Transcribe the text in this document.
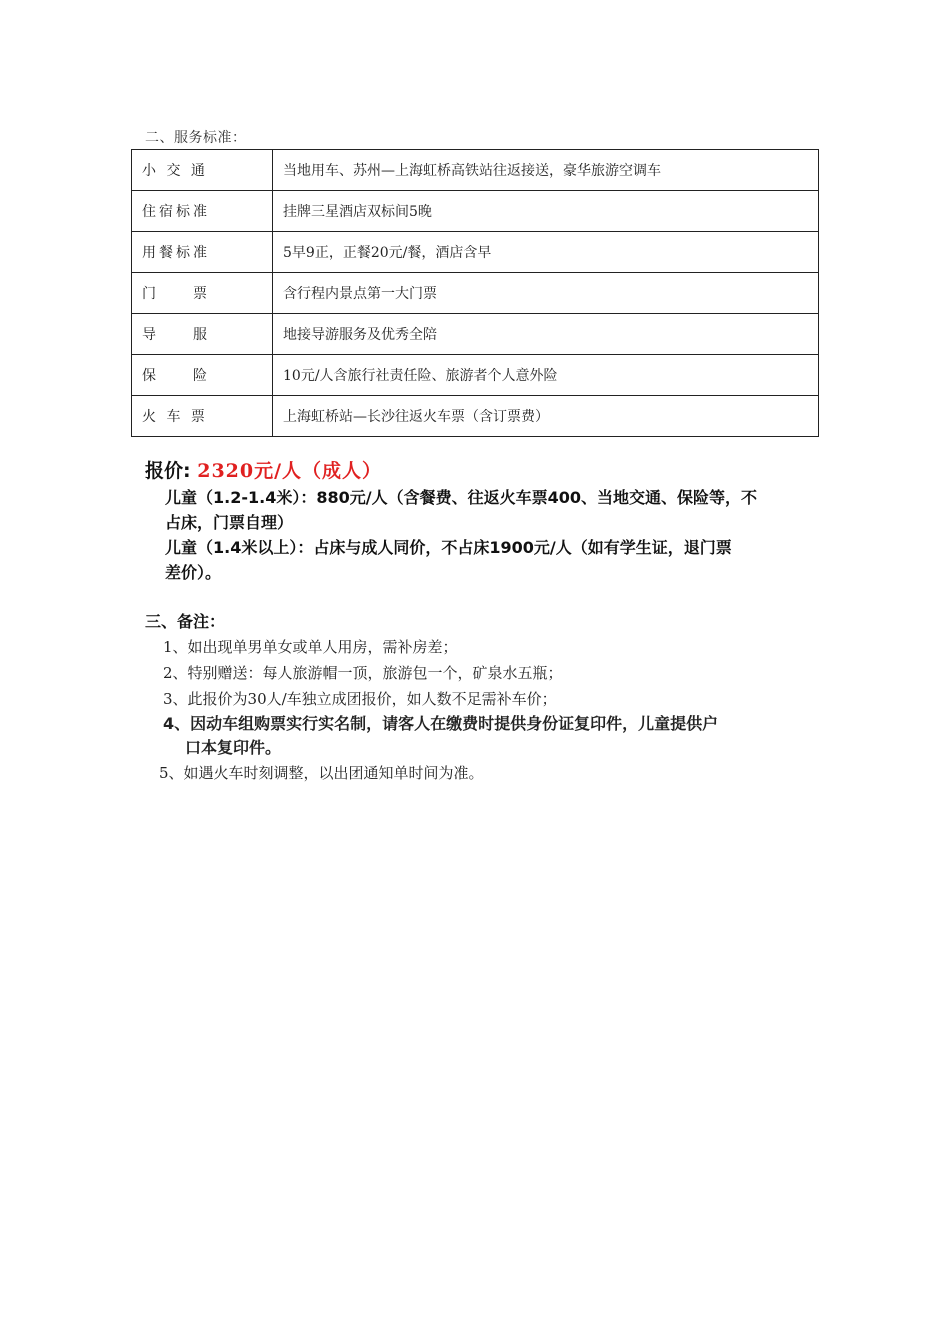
二、服务标准：
小 交 通	当地用车、苏州—上海虹桥高铁站往返接送，豪华旅游空调车
住宿标准	挂牌三星酒店双标间5晚
用餐标准	5早9正，正餐20元/餐，酒店含早
门　　票	含行程内景点第一大门票
导　　服	地接导游服务及优秀全陪
保　　险	10元/人含旅行社责任险、旅游者个人意外险
火 车 票	上海虹桥站—长沙往返火车票（含订票费）
报价: 2320元/人（成人）
儿童（1.2-1.4米）：880元/人（含餐费、往返火车票400、当地交通、保险等，不
占床，门票自理）
儿童（1.4米以上）：占床与成人同价，不占床1900元/人（如有学生证，退门票
差价）。
三、备注：
1、如出现单男单女或单人用房，需补房差；
2、特别赠送：每人旅游帽一顶，旅游包一个，矿泉水五瓶；
3、此报价为30人/车独立成团报价，如人数不足需补车价；
4、因动车组购票实行实名制，请客人在缴费时提供身份证复印件，儿童提供户
口本复印件。
5、如遇火车时刻调整，以出团通知单时间为准。
